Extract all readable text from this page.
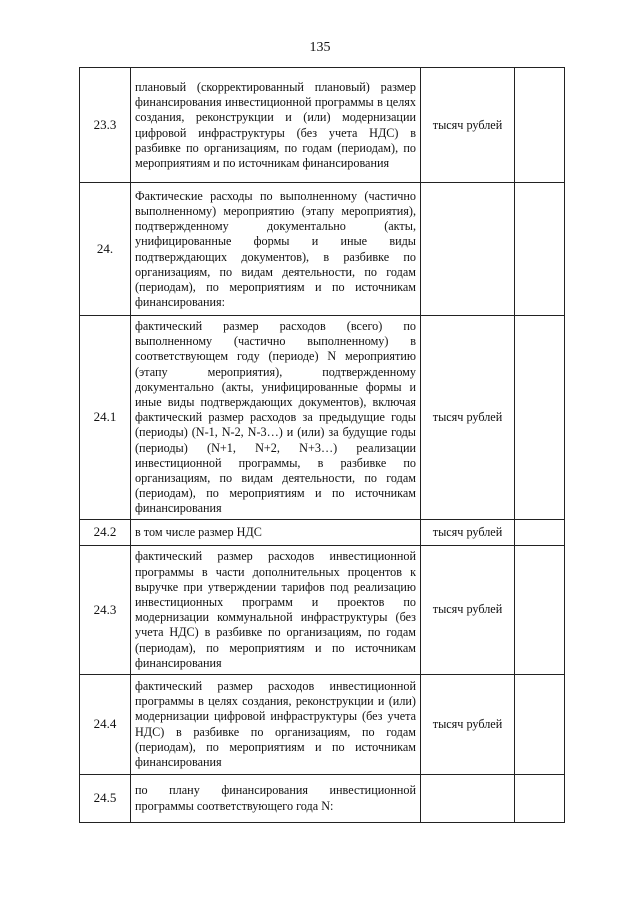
135
23.3	плановый (скорректированный плановый) размер финансирования инвестиционной программы в целях создания, реконструкции и (или) модернизации цифровой инфраструктуры (без учета НДС) в разбивке по организациям, по годам (периодам), по мероприятиям и по источникам финансирования	тысяч рублей	
24.	Фактические расходы по выполненному (частично выполненному) мероприятию (этапу мероприятия), подтвержденному документально (акты, унифицированные формы и иные виды подтверждающих документов), в разбивке по организациям, по видам деятельности, по годам (периодам), по мероприятиям и по источникам финансирования:		
24.1	фактический размер расходов (всего) по выполненному (частично выполненному) в соответствующем году (периоде) N мероприятию (этапу мероприятия), подтвержденному документально (акты, унифицированные формы и иные виды подтверждающих документов), включая фактический размер расходов за предыдущие годы (периоды) (N-1, N-2, N-3…) и (или) за будущие годы (периоды) (N+1, N+2, N+3…) реализации инвестиционной программы, в разбивке по организациям, по видам деятельности, по годам (периодам), по мероприятиям и по источникам финансирования	тысяч рублей	
24.2	в том числе размер НДС	тысяч рублей	
24.3	фактический размер расходов инвестиционной программы в части дополнительных процентов к выручке при утверждении тарифов под реализацию инвестиционных программ и проектов по модернизации коммунальной инфраструктуры (без учета НДС) в разбивке по организациям, по годам (периодам), по мероприятиям и по источникам финансирования	тысяч рублей	
24.4	фактический размер расходов инвестиционной программы в целях создания, реконструкции и (или) модернизации цифровой инфраструктуры (без учета НДС) в разбивке по организациям, по годам (периодам), по мероприятиям и по источникам финансирования	тысяч рублей	
24.5	по плану финансирования инвестиционной программы соответствующего года N:		
